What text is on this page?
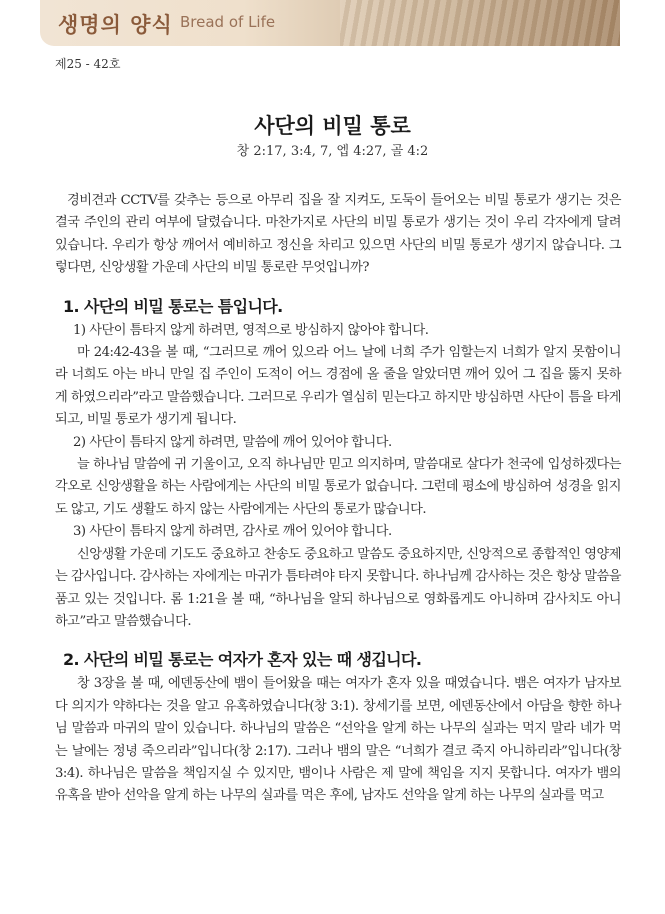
생명의 양식 Bread of Life
제25 - 42호
사단의 비밀 통로
창 2:17, 3:4, 7, 엡 4:27, 골 4:2

경비견과 CCTV를 갖추는 등으로 아무리 집을 잘 지켜도, 도둑이 들어오는 비밀 통로가 생기는 것은 결국 주인의 관리 여부에 달렸습니다. 마찬가지로 사단의 비밀 통로가 생기는 것이 우리 각자에게 달려 있습니다. 우리가 항상 깨어서 예비하고 정신을 차리고 있으면 사단의 비밀 통로가 생기지 않습니다. 그렇다면, 신앙생활 가운데 사단의 비밀 통로란 무엇입니까?

1. 사단의 비밀 통로는 틈입니다.
1) 사단이 틈타지 않게 하려면, 영적으로 방심하지 않아야 합니다.

마 24:42-43을 볼 때, “그러므로 깨어 있으라 어느 날에 너희 주가 임할는지 너희가 알지 못함이니라 너희도 아는 바니 만일 집 주인이 도적이 어느 경점에 올 줄을 알았더면 깨어 있어 그 집을 뚫지 못하게 하였으리라”라고 말씀했습니다. 그러므로 우리가 열심히 믿는다고 하지만 방심하면 사단이 틈을 타게 되고, 비밀 통로가 생기게 됩니다.

2) 사단이 틈타지 않게 하려면, 말씀에 깨어 있어야 합니다.

늘 하나님 말씀에 귀 기울이고, 오직 하나님만 믿고 의지하며, 말씀대로 살다가 천국에 입성하겠다는 각오로 신앙생활을 하는 사람에게는 사단의 비밀 통로가 없습니다. 그런데 평소에 방심하여 성경을 읽지도 않고, 기도 생활도 하지 않는 사람에게는 사단의 통로가 많습니다.

3) 사단이 틈타지 않게 하려면, 감사로 깨어 있어야 합니다.

신앙생활 가운데 기도도 중요하고 찬송도 중요하고 말씀도 중요하지만, 신앙적으로 종합적인 영양제는 감사입니다. 감사하는 자에게는 마귀가 틈타려야 타지 못합니다. 하나님께 감사하는 것은 항상 말씀을 품고 있는 것입니다. 롬 1:21을 볼 때, “하나님을 알되 하나님으로 영화롭게도 아니하며 감사치도 아니하고”라고 말씀했습니다.

2. 사단의 비밀 통로는 여자가 혼자 있는 때 생깁니다.

창 3장을 볼 때, 에덴동산에 뱀이 들어왔을 때는 여자가 혼자 있을 때였습니다. 뱀은 여자가 남자보다 의지가 약하다는 것을 알고 유혹하였습니다(창 3:1). 창세기를 보면, 에덴동산에서 아담을 향한 하나님 말씀과 마귀의 말이 있습니다. 하나님의 말씀은 “선악을 알게 하는 나무의 실과는 먹지 말라 네가 먹는 날에는 정녕 죽으리라”입니다(창 2:17). 그러나 뱀의 말은 “너희가 결코 죽지 아니하리라”입니다(창 3:4). 하나님은 말씀을 책임지실 수 있지만, 뱀이나 사람은 제 말에 책임을 지지 못합니다. 여자가 뱀의 유혹을 받아 선악을 알게 하는 나무의 실과를 먹은 후에, 남자도 선악을 알게 하는 나무의 실과를 먹고
